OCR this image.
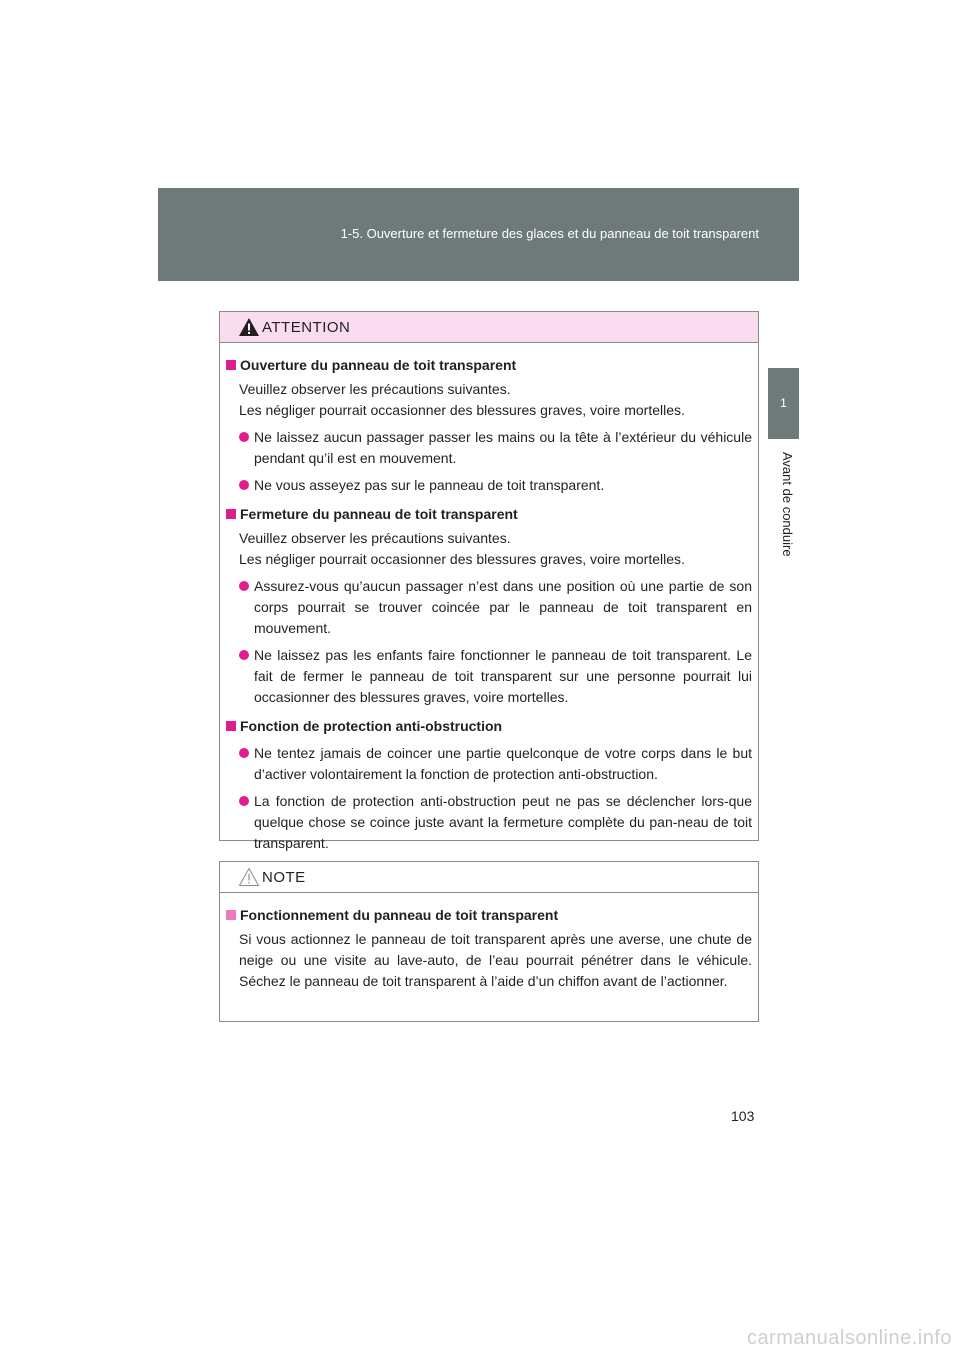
1-5. Ouverture et fermeture des glaces et du panneau de toit transparent
1
Avant de conduire
ATTENTION
Ouverture du panneau de toit transparent
Veuillez observer les précautions suivantes.
Les négliger pourrait occasionner des blessures graves, voire mortelles.
Ne laissez aucun passager passer les mains ou la tête à l’extérieur du véhicule pendant qu’il est en mouvement.
Ne vous asseyez pas sur le panneau de toit transparent.
Fermeture du panneau de toit transparent
Veuillez observer les précautions suivantes.
Les négliger pourrait occasionner des blessures graves, voire mortelles.
Assurez-vous qu’aucun passager n’est dans une position où une partie de son corps pourrait se trouver coincée par le panneau de toit transparent en mouvement.
Ne laissez pas les enfants faire fonctionner le panneau de toit transparent. Le fait de fermer le panneau de toit transparent sur une personne pourrait lui occasionner des blessures graves, voire mortelles.
Fonction de protection anti-obstruction
Ne tentez jamais de coincer une partie quelconque de votre corps dans le but d’activer volontairement la fonction de protection anti-obstruction.
La fonction de protection anti-obstruction peut ne pas se déclencher lors-que quelque chose se coince juste avant la fermeture complète du pan-neau de toit transparent.
NOTE
Fonctionnement du panneau de toit transparent
Si vous actionnez le panneau de toit transparent après une averse, une chute de neige ou une visite au lave-auto, de l’eau pourrait pénétrer dans le véhicule. Séchez le panneau de toit transparent à l’aide d’un chiffon avant de l’actionner.
103
carmanualsonline.info
